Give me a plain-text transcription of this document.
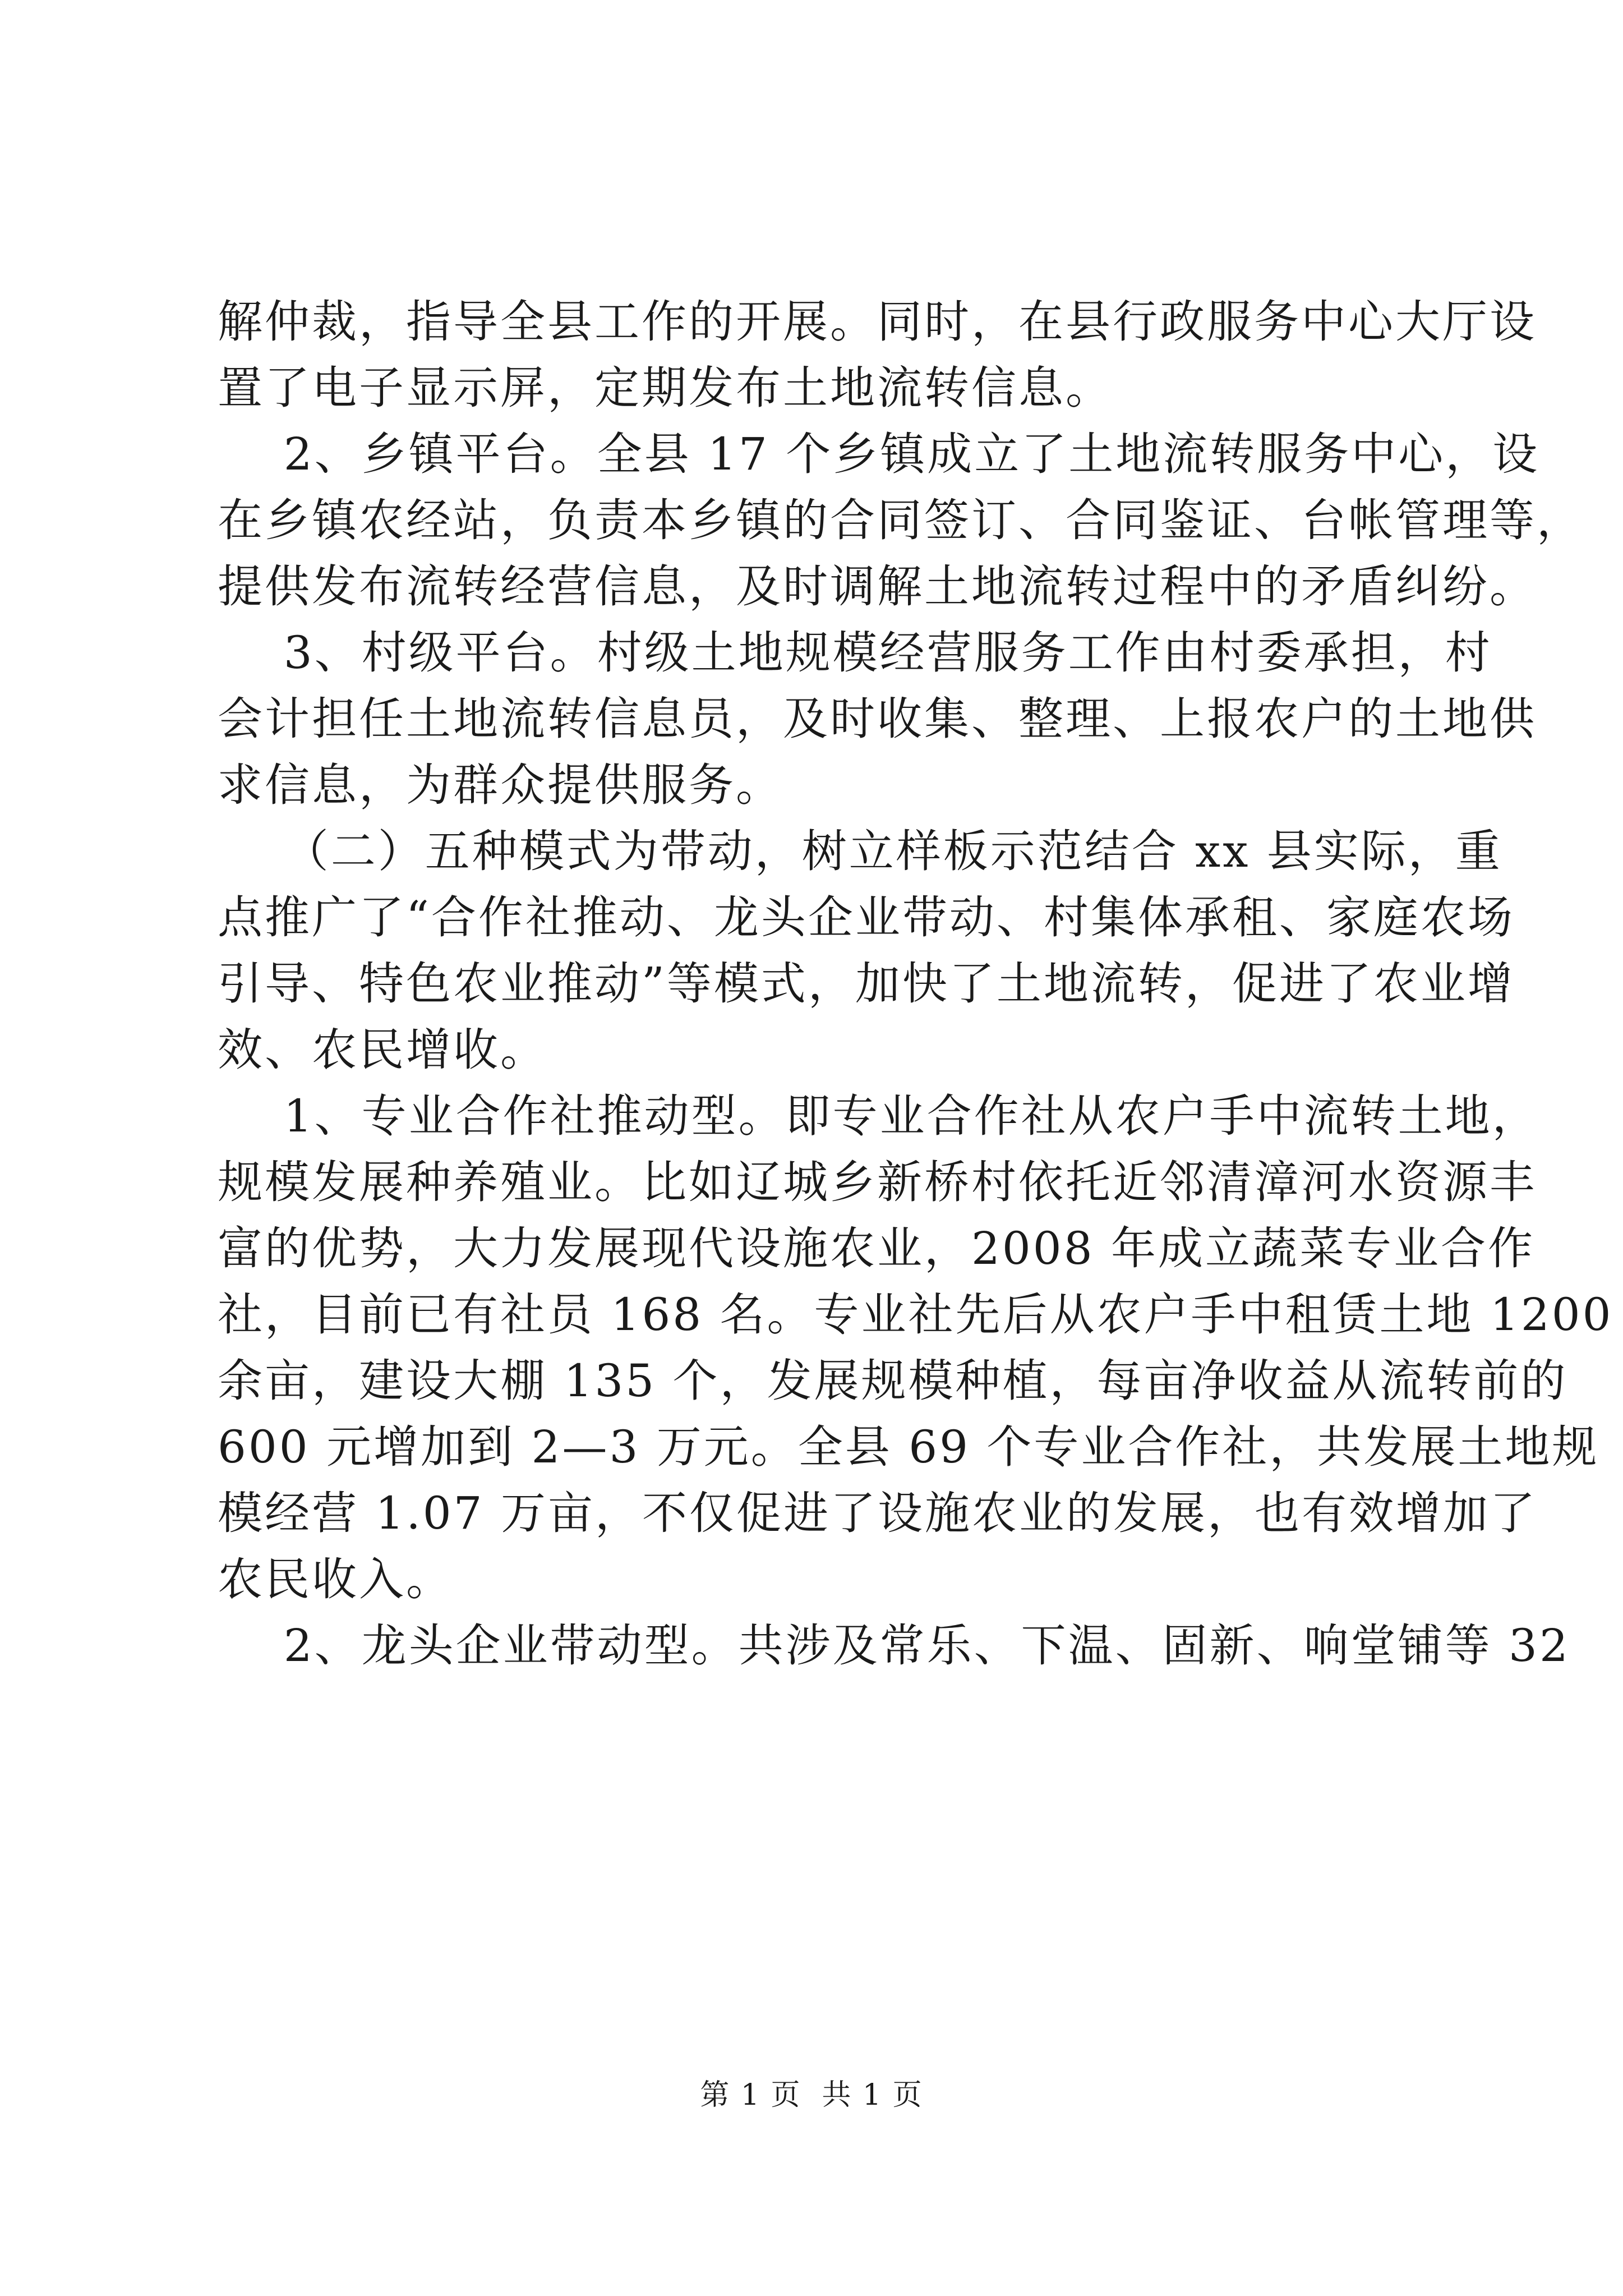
解仲裁，指导全县工作的开展。同时，在县行政服务中心大厅设
置了电子显示屏，定期发布土地流转信息。
2、乡镇平台。全县 17 个乡镇成立了土地流转服务中心，设
在乡镇农经站，负责本乡镇的合同签订、合同鉴证、台帐管理等，
提供发布流转经营信息，及时调解土地流转过程中的矛盾纠纷。
3、村级平台。村级土地规模经营服务工作由村委承担，村
会计担任土地流转信息员，及时收集、整理、上报农户的土地供
求信息，为群众提供服务。
（二）五种模式为带动，树立样板示范结合 xx 县实际，重
点推广了“合作社推动、龙头企业带动、村集体承租、家庭农场
引导、特色农业推动”等模式，加快了土地流转，促进了农业增
效、农民增收。
1、专业合作社推动型。即专业合作社从农户手中流转土地，
规模发展种养殖业。比如辽城乡新桥村依托近邻清漳河水资源丰
富的优势，大力发展现代设施农业，2008 年成立蔬菜专业合作
社，目前已有社员 168 名。专业社先后从农户手中租赁土地 1200
余亩，建设大棚 135 个，发展规模种植，每亩净收益从流转前的
600 元增加到 2—3 万元。全县 69 个专业合作社，共发展土地规
模经营 1.07 万亩，不仅促进了设施农业的发展，也有效增加了
农民收入。
2、龙头企业带动型。共涉及常乐、下温、固新、响堂铺等 32
第 1 页  共 1 页
